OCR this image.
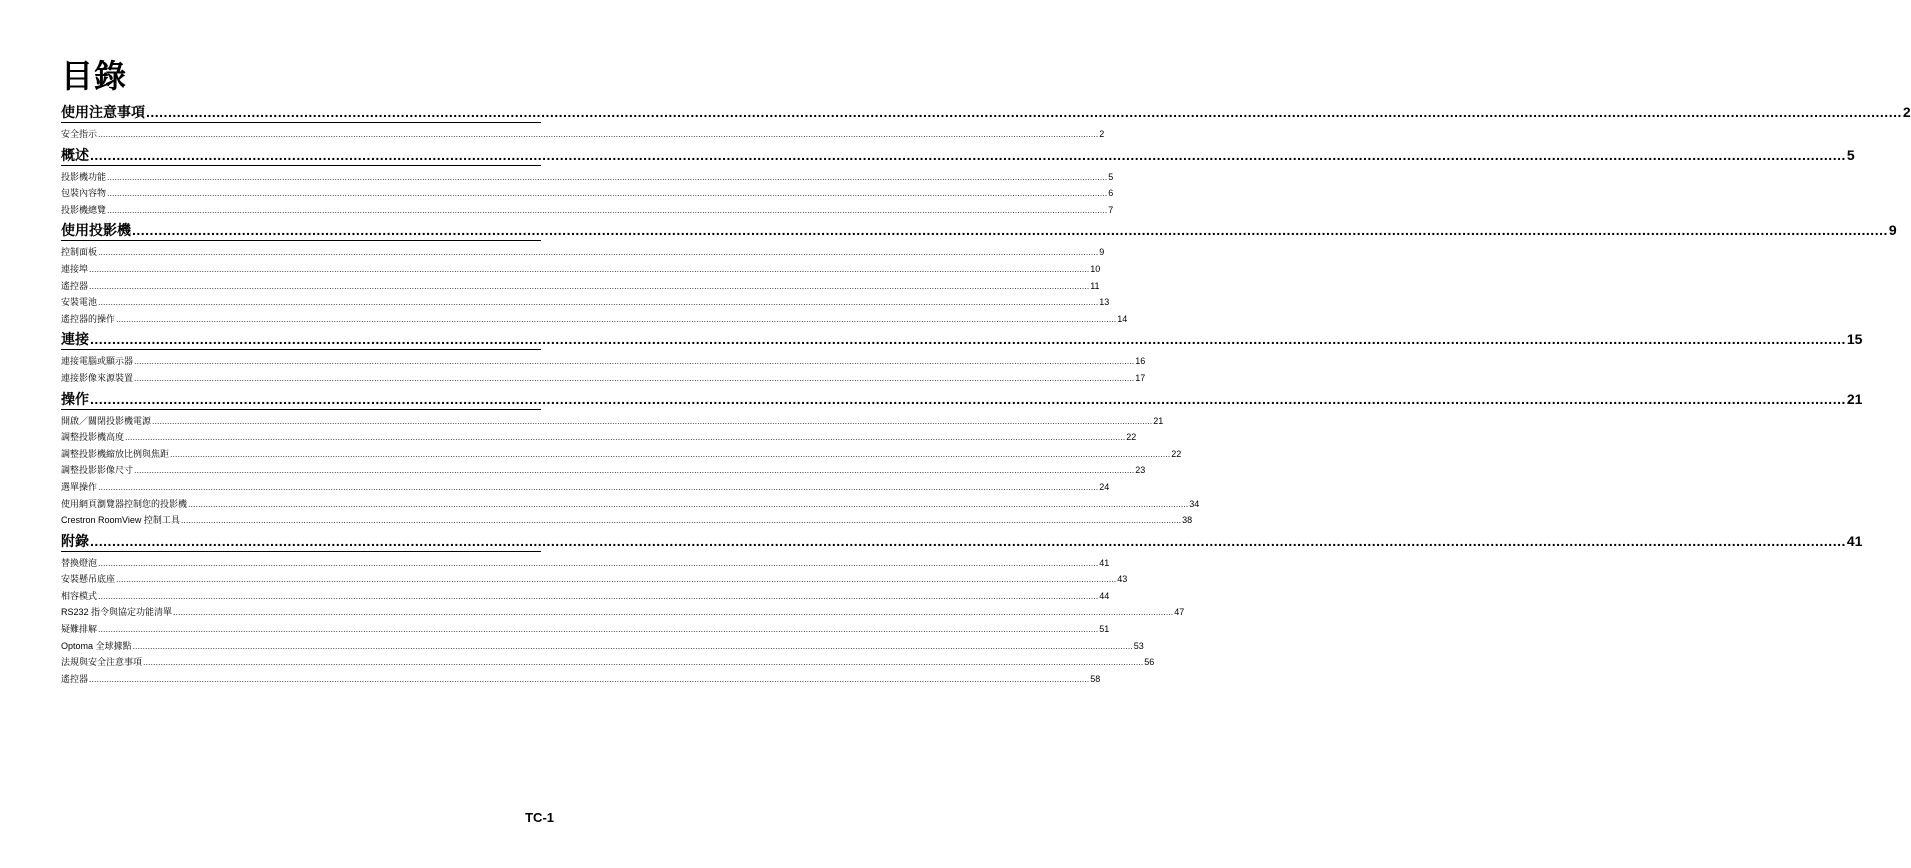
目錄
使用注意事項 ................................................................................................................................................................................................................................................................................................................................................................................................................ 2
安全指示 ................................................................................................................................................................................................................................................................................................................................................................................................................ 2
概述 ................................................................................................................................................................................................................................................................................................................................................................................................................ 5
投影機功能 ................................................................................................................................................................................................................................................................................................................................................................................................................ 5
包裝內容物 ................................................................................................................................................................................................................................................................................................................................................................................................................ 6
投影機總覽 ................................................................................................................................................................................................................................................................................................................................................................................................................ 7
使用投影機 ................................................................................................................................................................................................................................................................................................................................................................................................................ 9
控制面板 ................................................................................................................................................................................................................................................................................................................................................................................................................ 9
連接埠 ................................................................................................................................................................................................................................................................................................................................................................................................................ 10
遙控器 ................................................................................................................................................................................................................................................................................................................................................................................................................ 11
安裝電池 ................................................................................................................................................................................................................................................................................................................................................................................................................ 13
遙控器的操作 ................................................................................................................................................................................................................................................................................................................................................................................................................ 14
連接 ................................................................................................................................................................................................................................................................................................................................................................................................................ 15
連接電腦或顯示器 ................................................................................................................................................................................................................................................................................................................................................................................................................ 16
連接影像來源裝置 ................................................................................................................................................................................................................................................................................................................................................................................................................ 17
操作 ................................................................................................................................................................................................................................................................................................................................................................................................................ 21
開啟／關閉投影機電源 ................................................................................................................................................................................................................................................................................................................................................................................................................ 21
調整投影機高度 ................................................................................................................................................................................................................................................................................................................................................................................................................ 22
調整投影機縮放比例與焦距 ................................................................................................................................................................................................................................................................................................................................................................................................................ 22
調整投影影像尺寸 ................................................................................................................................................................................................................................................................................................................................................................................................................ 23
選單操作 ................................................................................................................................................................................................................................................................................................................................................................................................................ 24
使用網頁瀏覽器控制您的投影機 ................................................................................................................................................................................................................................................................................................................................................................................................................ 34
Crestron RoomView 控制工具 ................................................................................................................................................................................................................................................................................................................................................................................................................ 38
附錄 ................................................................................................................................................................................................................................................................................................................................................................................................................ 41
替換燈泡 ................................................................................................................................................................................................................................................................................................................................................................................................................ 41
安裝懸吊底座 ................................................................................................................................................................................................................................................................................................................................................................................................................ 43
相容模式 ................................................................................................................................................................................................................................................................................................................................................................................................................ 44
RS232 指令與協定功能清單 ................................................................................................................................................................................................................................................................................................................................................................................................................ 47
疑難排解 ................................................................................................................................................................................................................................................................................................................................................................................................................ 51
Optoma 全球據點 ................................................................................................................................................................................................................................................................................................................................................................................................................ 53
法規與安全注意事項 ................................................................................................................................................................................................................................................................................................................................................................................................................ 56
遙控器 ................................................................................................................................................................................................................................................................................................................................................................................................................ 58
TC-1
